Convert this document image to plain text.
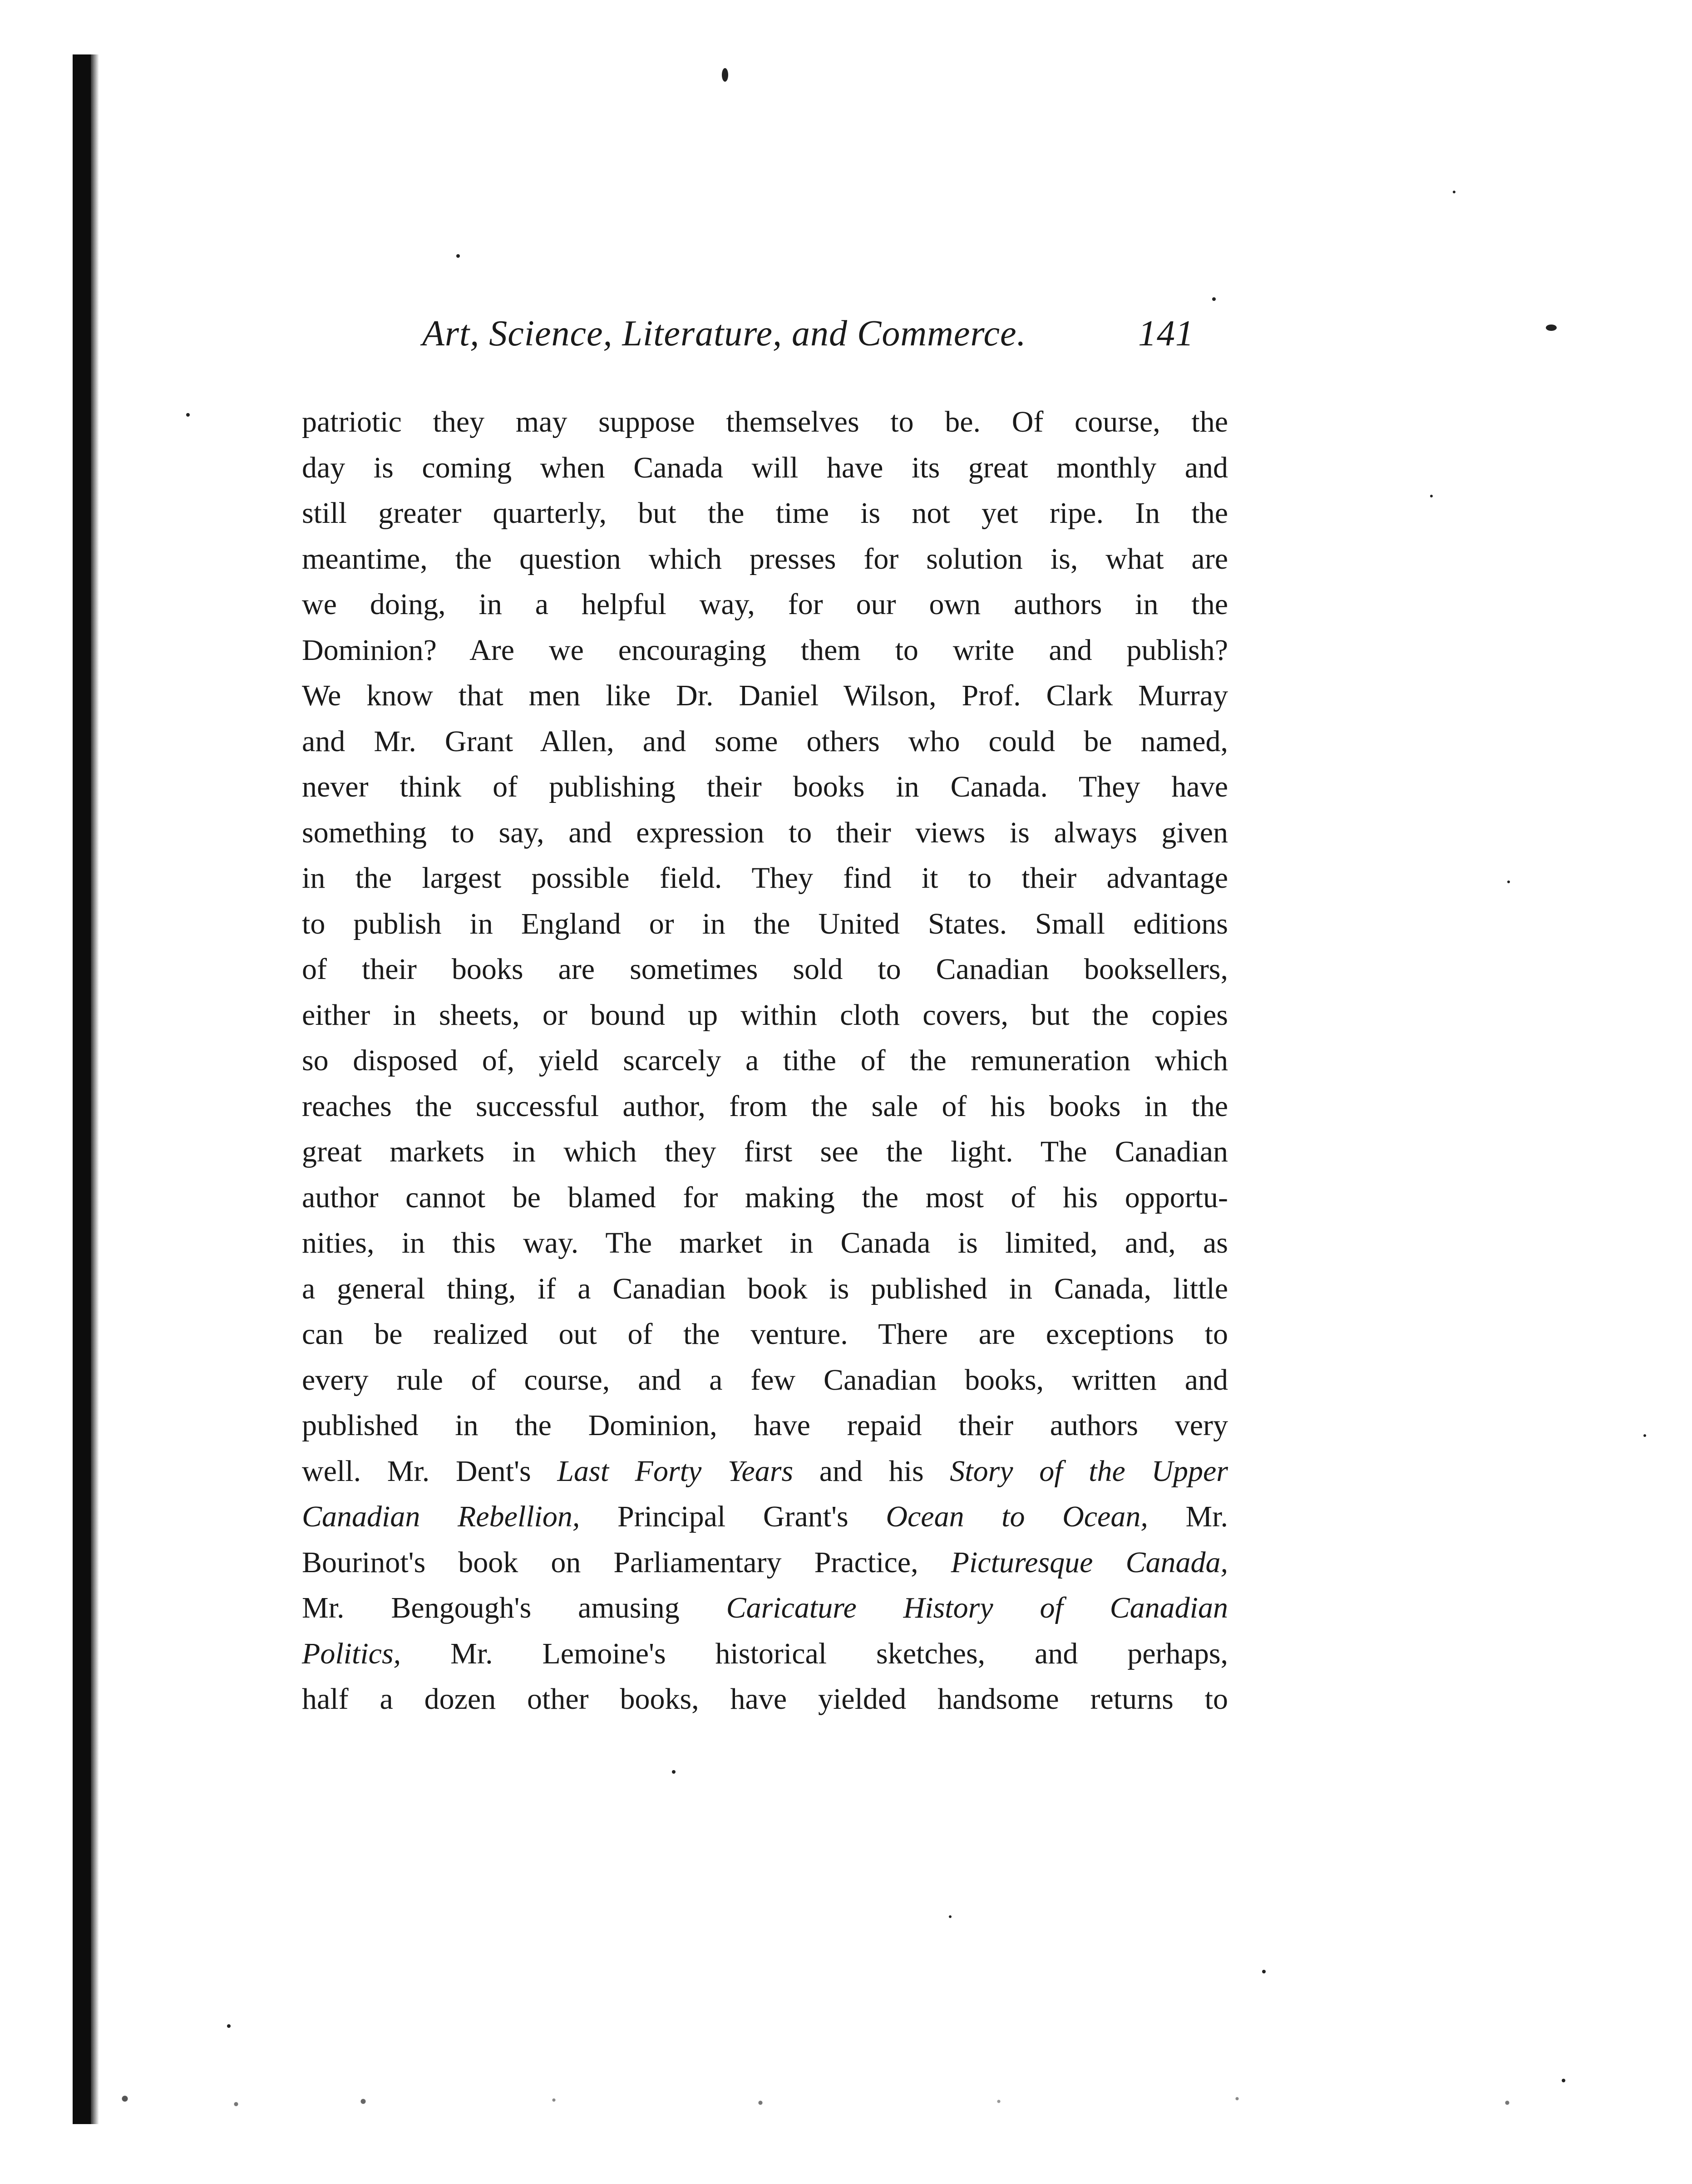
Art, Science, Literature, and Commerce.	141
patriotic they may suppose themselves to be. Of course, the
day is coming when Canada will have its great monthly and
still greater quarterly, but the time is not yet ripe. In the
meantime, the question which presses for solution is, what are
we doing, in a helpful way, for our own authors in the
Dominion? Are we encouraging them to write and publish?
We know that men like Dr. Daniel Wilson, Prof. Clark Murray
and Mr. Grant Allen, and some others who could be named,
never think of publishing their books in Canada. They have
something to say, and expression to their views is always given
in the largest possible field. They find it to their advantage
to publish in England or in the United States. Small editions
of their books are sometimes sold to Canadian booksellers,
either in sheets, or bound up within cloth covers, but the copies
so disposed of, yield scarcely a tithe of the remuneration which
reaches the successful author, from the sale of his books in the
great markets in which they first see the light. The Canadian
author cannot be blamed for making the most of his opportu-
nities, in this way. The market in Canada is limited, and, as
a general thing, if a Canadian book is published in Canada, little
can be realized out of the venture. There are exceptions to
every rule of course, and a few Canadian books, written and
published in the Dominion, have repaid their authors very
well. Mr. Dent's Last Forty Years and his Story of the Upper
Canadian Rebellion, Principal Grant's Ocean to Ocean, Mr.
Bourinot's book on Parliamentary Practice, Picturesque Canada,
Mr. Bengough's amusing Caricature History of Canadian
Politics, Mr. Lemoine's historical sketches, and perhaps,
half a dozen other books, have yielded handsome returns to
